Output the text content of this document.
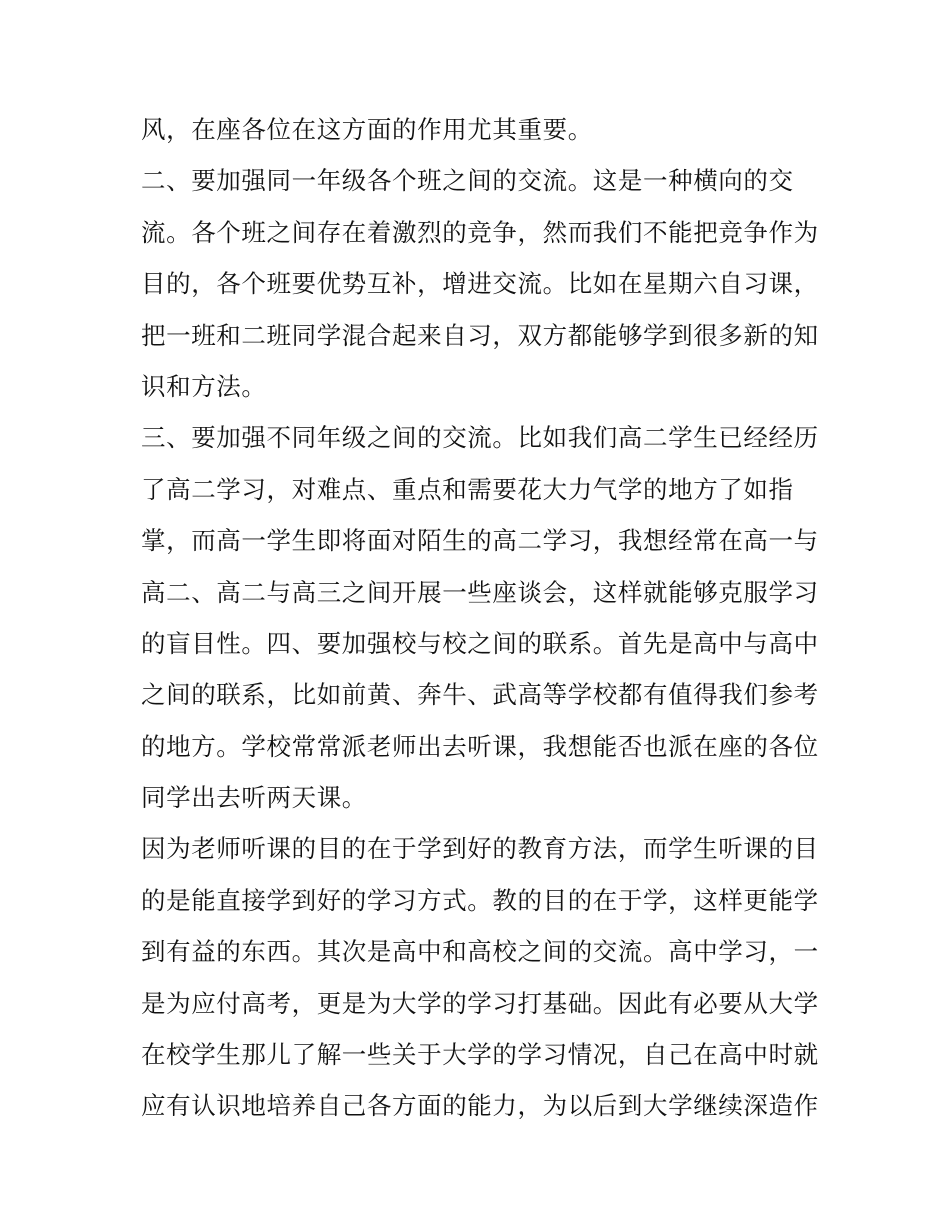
风，在座各位在这方面的作用尤其重要。
二、要加强同一年级各个班之间的交流。这是一种横向的交
流。各个班之间存在着激烈的竞争，然而我们不能把竞争作为
目的，各个班要优势互补，增进交流。比如在星期六自习课，
把一班和二班同学混合起来自习，双方都能够学到很多新的知
识和方法。
三、要加强不同年级之间的交流。比如我们高二学生已经经历
了高二学习，对难点、重点和需要花大力气学的地方了如指
掌，而高一学生即将面对陌生的高二学习，我想经常在高一与
高二、高二与高三之间开展一些座谈会，这样就能够克服学习
的盲目性。四、要加强校与校之间的联系。首先是高中与高中
之间的联系，比如前黄、奔牛、武高等学校都有值得我们参考
的地方。学校常常派老师出去听课，我想能否也派在座的各位
同学出去听两天课。
因为老师听课的目的在于学到好的教育方法，而学生听课的目
的是能直接学到好的学习方式。教的目的在于学，这样更能学
到有益的东西。其次是高中和高校之间的交流。高中学习，一
是为应付高考，更是为大学的学习打基础。因此有必要从大学
在校学生那儿了解一些关于大学的学习情况，自己在高中时就
应有认识地培养自己各方面的能力，为以后到大学继续深造作
